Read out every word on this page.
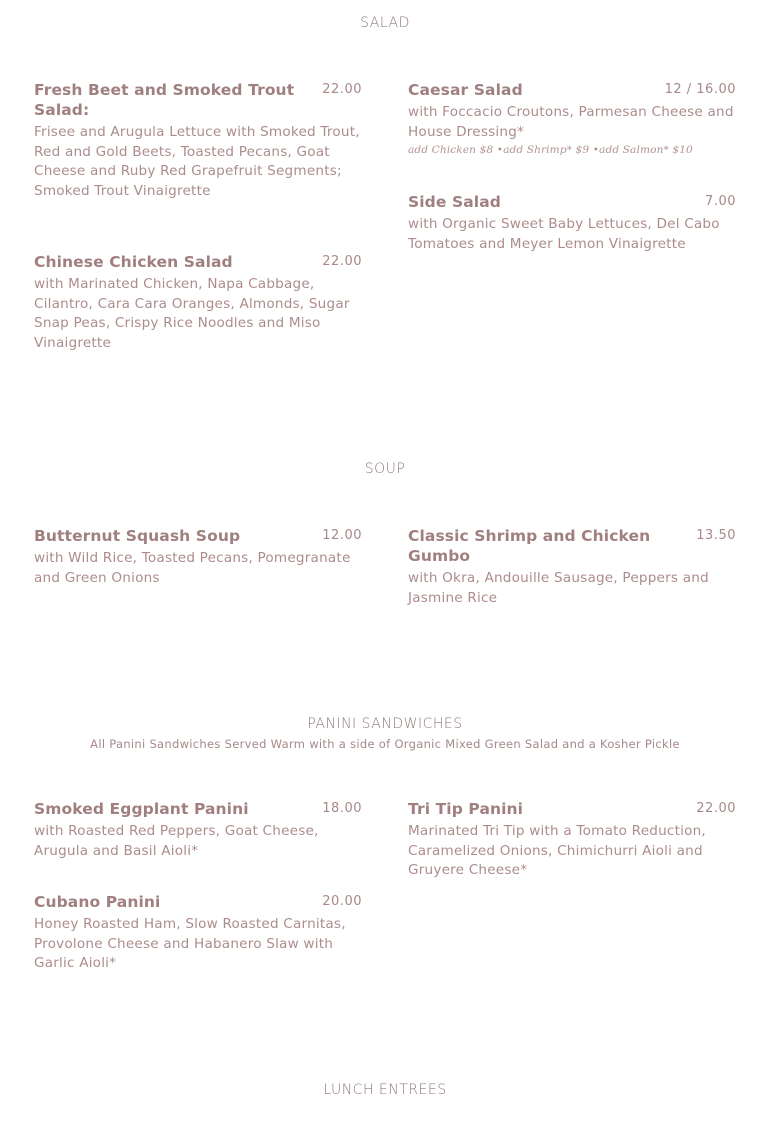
SALAD
Fresh Beet and Smoked Trout Salad:
22.00
Frisee and Arugula Lettuce with Smoked Trout, Red and Gold Beets, Toasted Pecans, Goat Cheese and Ruby Red Grapefruit Segments; Smoked Trout Vinaigrette
Chinese Chicken Salad	22.00
with Marinated Chicken, Napa Cabbage, Cilantro, Cara Cara Oranges, Almonds, Sugar Snap Peas, Crispy Rice Noodles and Miso Vinaigrette
Caesar Salad	12 / 16.00
with Foccacio Croutons, Parmesan Cheese and House Dressing*
add Chicken $8 •add Shrimp* $9 •add Salmon* $10
Side Salad	7.00
with Organic Sweet Baby Lettuces, Del Cabo Tomatoes and Meyer Lemon Vinaigrette
SOUP
Butternut Squash Soup	12.00
with Wild Rice, Toasted Pecans, Pomegranate and Green Onions
Classic Shrimp and Chicken Gumbo
13.50
with Okra, Andouille Sausage, Peppers and Jasmine Rice
PANINI SANDWICHES
All Panini Sandwiches Served Warm with a side of Organic Mixed Green Salad and a Kosher Pickle
Smoked Eggplant Panini	18.00
with Roasted Red Peppers, Goat Cheese, Arugula and Basil Aioli*
Cubano Panini	20.00
Honey Roasted Ham, Slow Roasted Carnitas, Provolone Cheese and Habanero Slaw with Garlic Aioli*
Tri Tip Panini	22.00
Marinated Tri Tip with a Tomato Reduction, Caramelized Onions, Chimichurri Aioli and Gruyere Cheese*
LUNCH ENTREES
